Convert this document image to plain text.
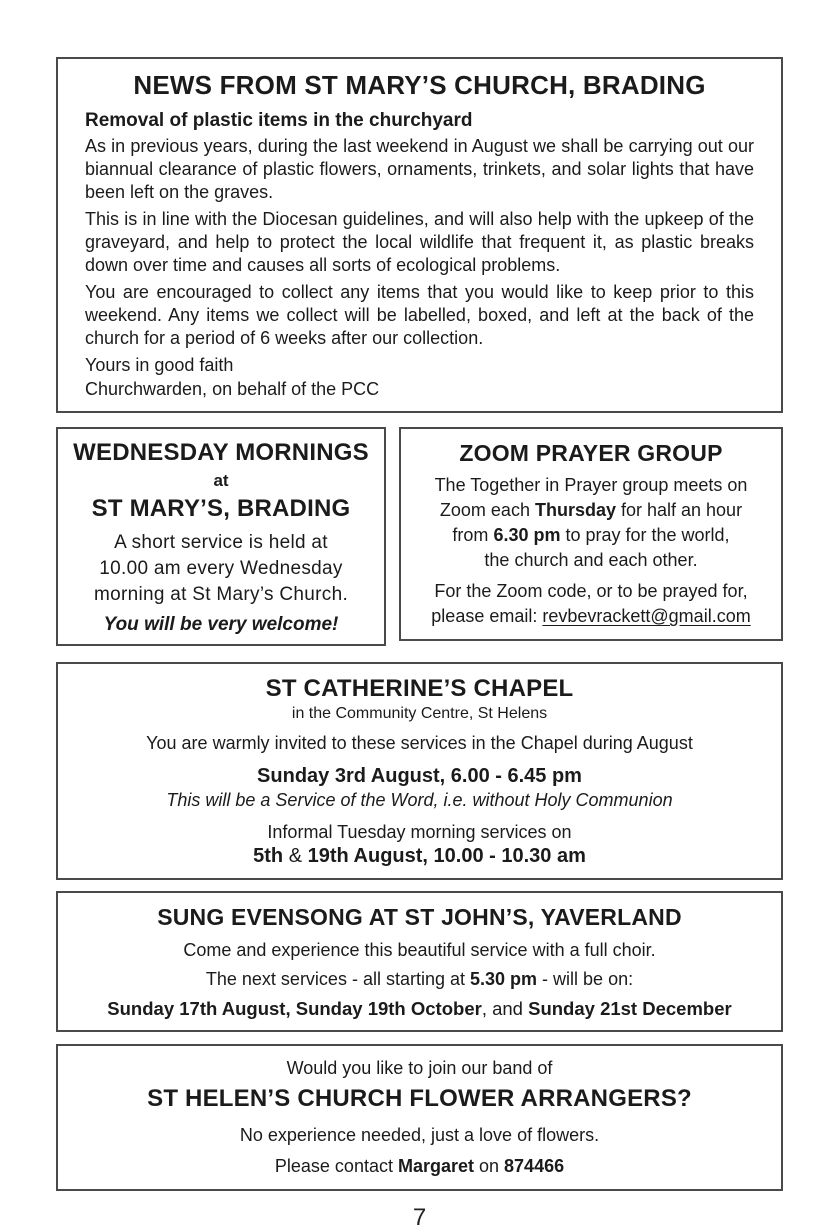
NEWS FROM ST MARY’S CHURCH, BRADING
Removal of plastic items in the churchyard

As in previous years, during the last weekend in August we shall be carrying out our biannual clearance of plastic flowers, ornaments, trinkets, and solar lights that have been left on the graves.

This is in line with the Diocesan guidelines, and will also help with the upkeep of the graveyard, and help to protect the local wildlife that frequent it, as plastic breaks down over time and causes all sorts of ecological problems.

You are encouraged to collect any items that you would like to keep prior to this weekend. Any items we collect will be labelled, boxed, and left at the back of the church for a period of 6 weeks after our collection.

Yours in good faith
Churchwarden, on behalf of the PCC
WEDNESDAY MORNINGS
at
ST MARY’S, BRADING
A short service is held at
10.00 am every Wednesday
morning at St Mary’s Church.
You will be very welcome!
ZOOM PRAYER GROUP

The Together in Prayer group meets on
Zoom each Thursday for half an hour
from 6.30 pm to pray for the world,
the church and each other.

For the Zoom code, or to be prayed for,
please email: revbevrackett@gmail.com

ST CATHERINE’S CHAPEL
in the Community Centre, St Helens
You are warmly invited to these services in the Chapel during August
Sunday 3rd August, 6.00 - 6.45 pm
This will be a Service of the Word, i.e. without Holy Communion
Informal Tuesday morning services on
5th & 19th August, 10.00 - 10.30 am
SUNG EVENSONG AT ST JOHN’S, YAVERLAND
Come and experience this beautiful service with a full choir.
The next services - all starting at 5.30 pm - will be on:
Sunday 17th August, Sunday 19th October, and Sunday 21st December
Would you like to join our band of
ST HELEN’S CHURCH FLOWER ARRANGERS?
No experience needed, just a love of flowers.
Please contact Margaret on 874466
7
